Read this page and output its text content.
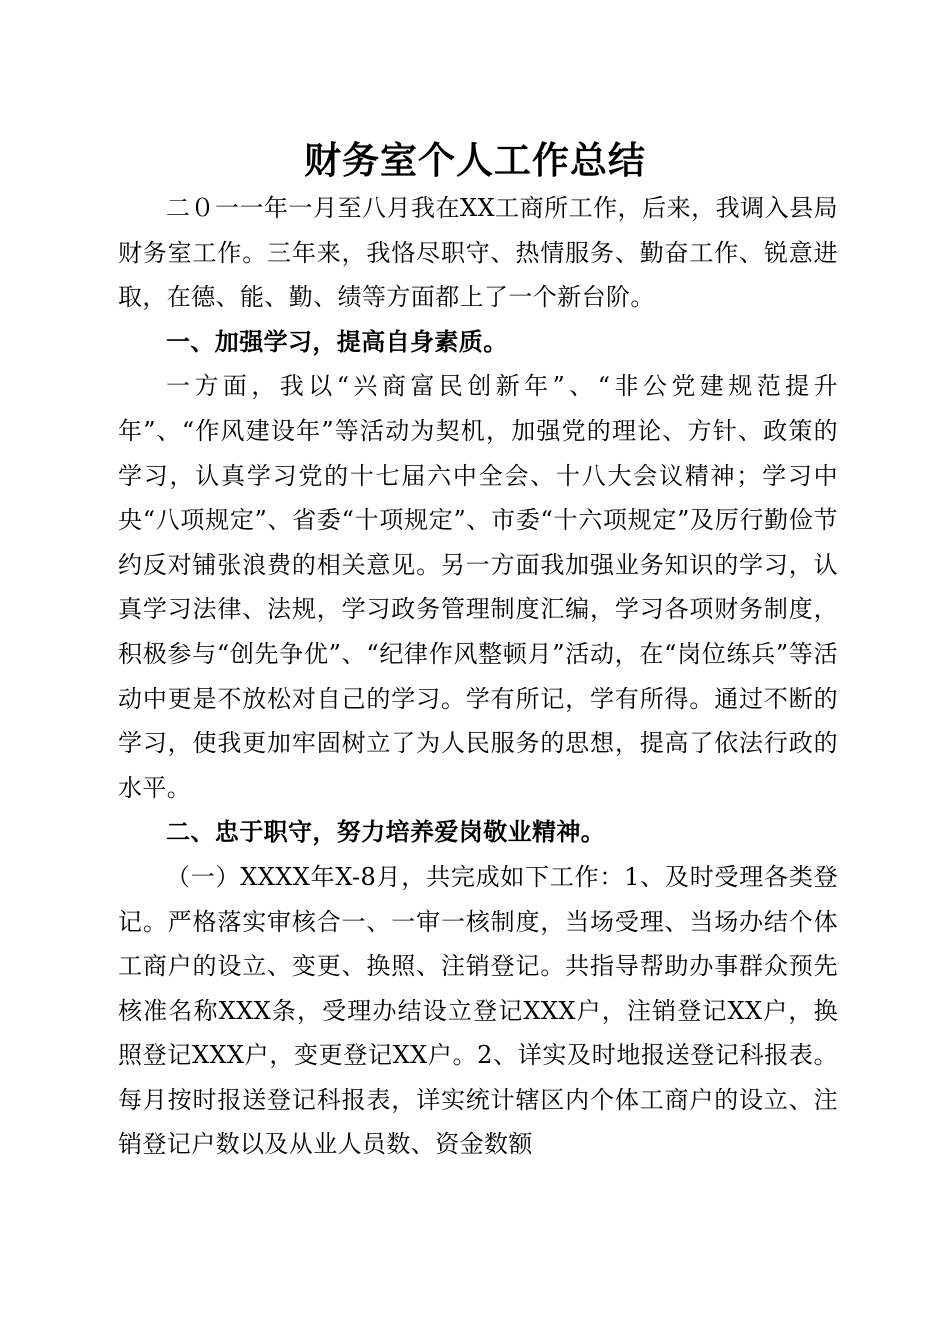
财务室个人工作总结

二０一一年一月至八月我在XX工商所工作，后来，我调入县局财务室工作。三年来，我恪尽职守、热情服务、勤奋工作、锐意进取，在德、能、勤、绩等方面都上了一个新台阶。

一、加强学习，提高自身素质。

一方面，我以“兴商富民创新年”、“非公党建规范提升年”、“作风建设年”等活动为契机，加强党的理论、方针、政策的学习，认真学习党的十七届六中全会、十八大会议精神；学习中央“八项规定”、省委“十项规定”、市委“十六项规定”及厉行勤俭节约反对铺张浪费的相关意见。另一方面我加强业务知识的学习，认真学习法律、法规，学习政务管理制度汇编，学习各项财务制度，积极参与“创先争优”、“纪律作风整顿月”活动，在“岗位练兵”等活动中更是不放松对自己的学习。学有所记，学有所得。通过不断的学习，使我更加牢固树立了为人民服务的思想，提高了依法行政的水平。

二、忠于职守，努力培养爱岗敬业精神。

（一）XXXX年X-8月，共完成如下工作：1、及时受理各类登记。严格落实审核合一、一审一核制度，当场受理、当场办结个体工商户的设立、变更、换照、注销登记。共指导帮助办事群众预先核准名称XXX条，受理办结设立登记XXX户，注销登记XX户，换照登记XXX户，变更登记XX户。2、详实及时地报送登记科报表。每月按时报送登记科报表，详实统计辖区内个体工商户的设立、注销登记户数以及从业人员数、资金数额
